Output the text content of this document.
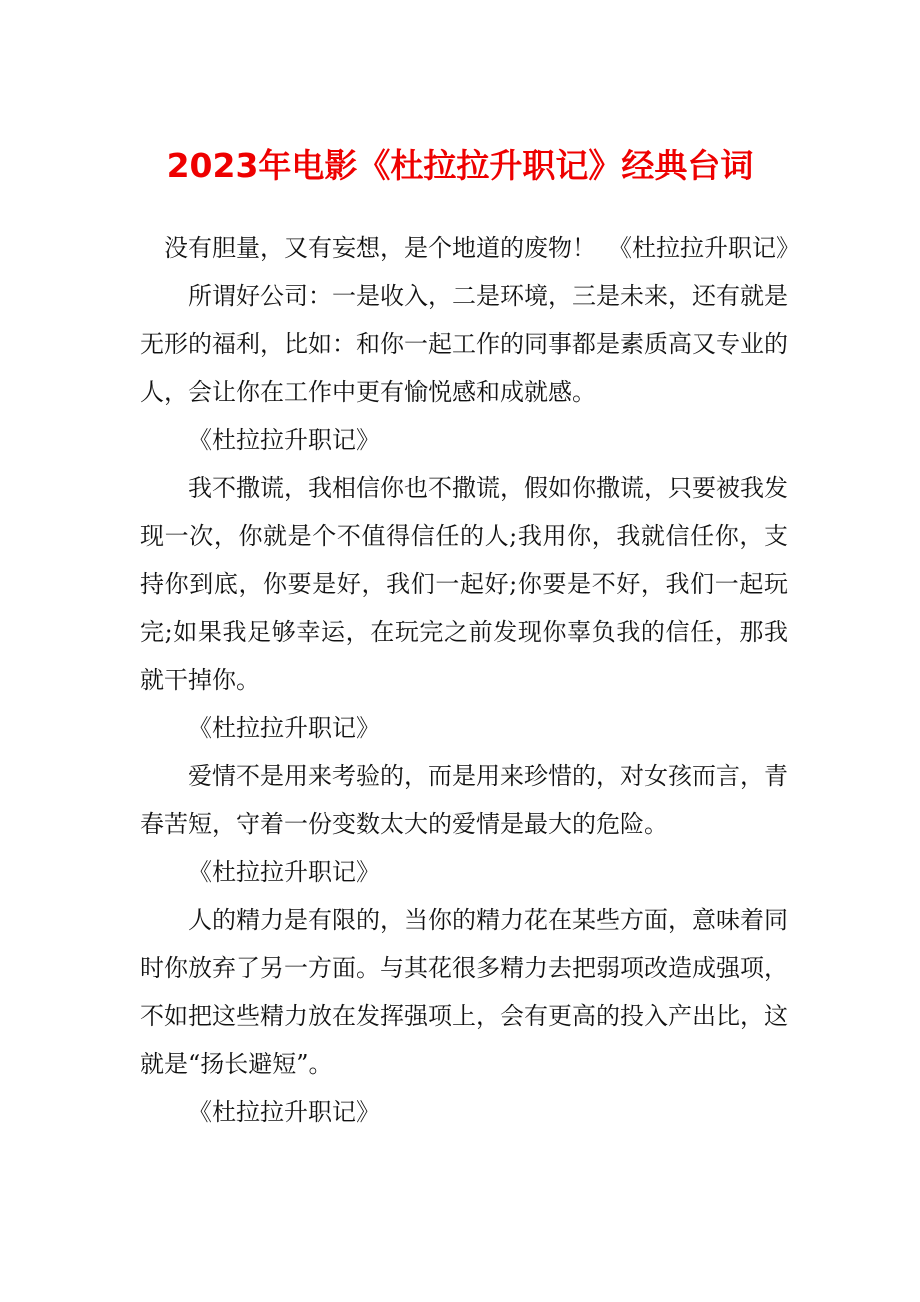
2023年电影《杜拉拉升职记》经典台词

没有胆量，又有妄想，是个地道的废物！　《杜拉拉升职记》

所谓好公司：一是收入，二是环境，三是未来，还有就是无形的福利，比如：和你一起工作的同事都是素质高又专业的人，会让你在工作中更有愉悦感和成就感。

《杜拉拉升职记》

我不撒谎，我相信你也不撒谎，假如你撒谎，只要被我发现一次，你就是个不值得信任的人;我用你，我就信任你，支持你到底，你要是好，我们一起好;你要是不好，我们一起玩完;如果我足够幸运，在玩完之前发现你辜负我的信任，那我就干掉你。

《杜拉拉升职记》

爱情不是用来考验的，而是用来珍惜的，对女孩而言，青春苦短，守着一份变数太大的爱情是最大的危险。

《杜拉拉升职记》

人的精力是有限的，当你的精力花在某些方面，意味着同时你放弃了另一方面。与其花很多精力去把弱项改造成强项，不如把这些精力放在发挥强项上，会有更高的投入产出比，这就是“扬长避短”。

《杜拉拉升职记》
